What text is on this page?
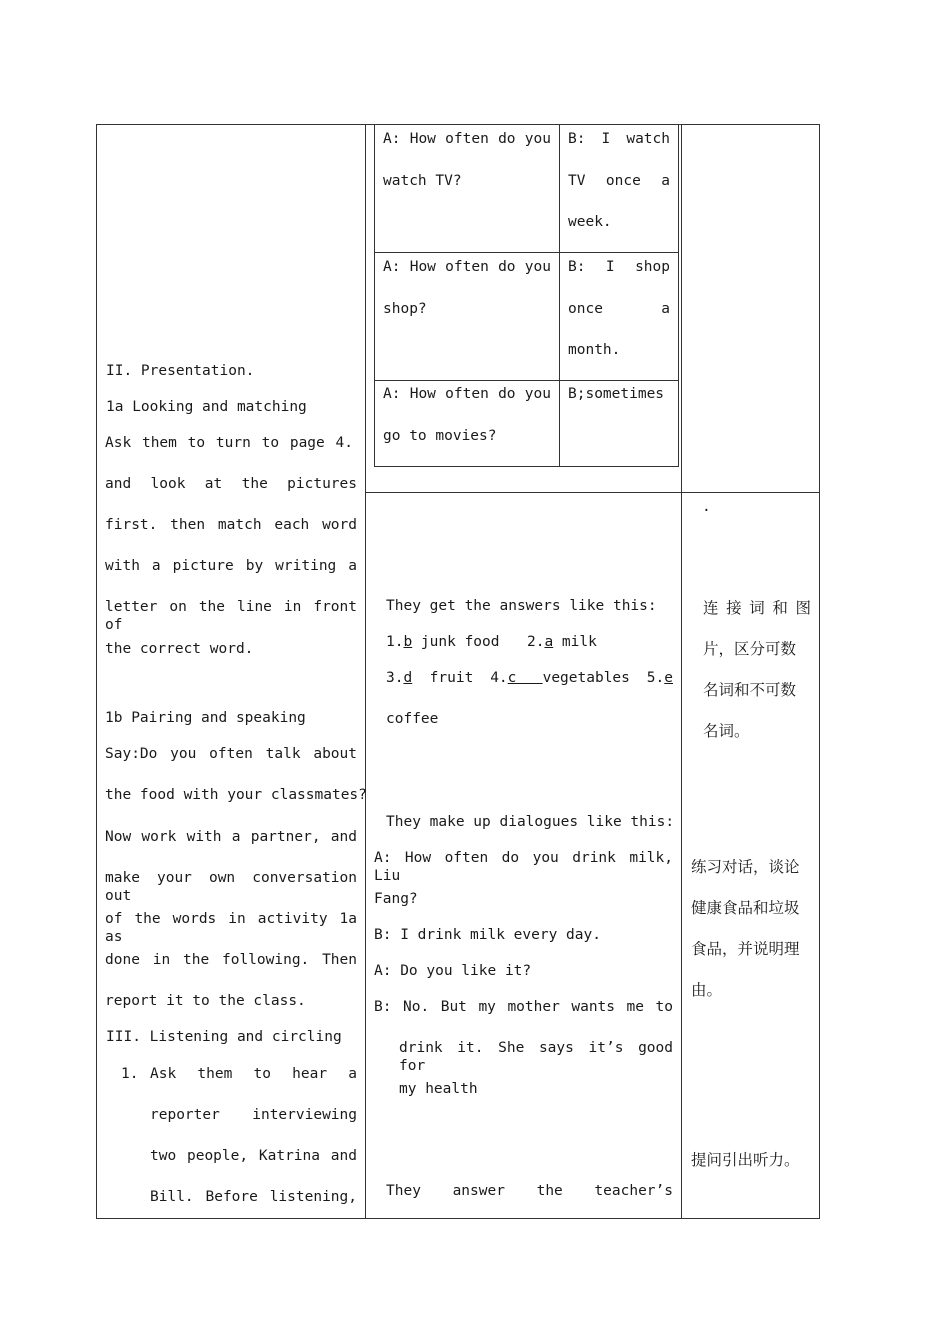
II. Presentation.
1a Looking and matching
Ask them to turn to page 4.
and look at the pictures
first. then match each word
with a picture by writing a
letter on the line in front of
the correct word.
1b Pairing and speaking
Say:Do you often talk about
the food with your classmates?
Now work with a partner, and
make your own conversation out
of the words in activity 1a as
done in the following. Then
report it to the class.
III. Listening and circling
1. Ask them to hear a
reporter interviewing
two people, Katrina and
Bill. Before listening,
A: How often do you
watch TV?
B: I watch
TV once a
week.
A: How often do you
shop?
B: I shop
once a
month.
A: How often do you
go to movies?
B;sometimes
They get the answers like this:
1.b junk food 2.a milk
3.d  fruit 4.c   vegetables 5.e
coffee
They make up dialogues like this:
A: How often do you drink milk, Liu
Fang?
B: I drink milk every day.
A: Do you like it?
B: No. But my mother wants me to
drink it. She says it’s good for
my health
They answer the teacher’s
.
连接词和图
片，区分可数
名词和不可数
名词。
练习对话，谈论
健康食品和垃圾
食品，并说明理
由。
提问引出听力。
